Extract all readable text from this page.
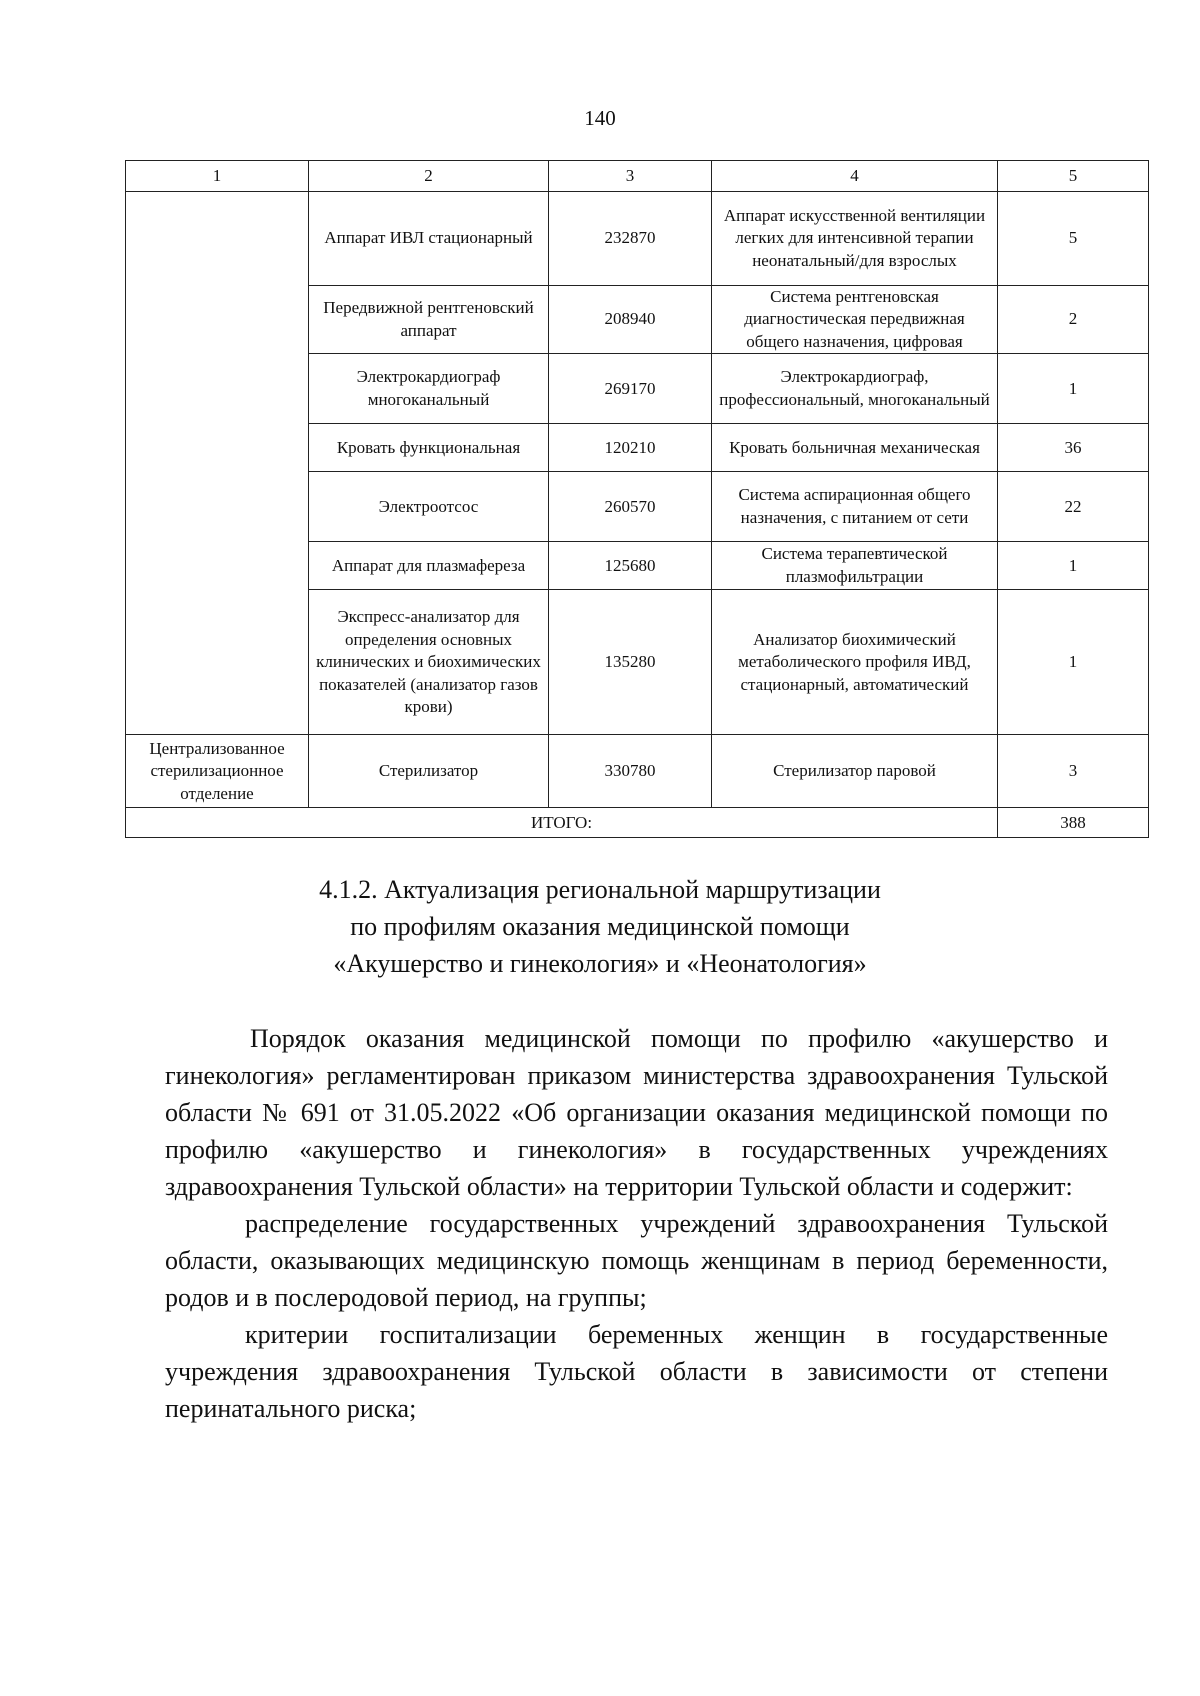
140
1	2	3	4	5
	Аппарат ИВЛ стационарный	232870	Аппарат искусственной вентиляции легких для интенсивной терапии неонатальный/для взрослых	5
	Передвижной рентгеновский аппарат	208940	Система рентгеновская диагностическая передвижная общего назначения, цифровая	2
	Электрокардиограф многоканальный	269170	Электрокардиограф, профессиональный, многоканальный	1
	Кровать функциональная	120210	Кровать больничная механическая	36
	Электроотсос	260570	Система аспирационная общего назначения, с питанием от сети	22
	Аппарат для плазмафереза	125680	Система терапевтической плазмофильтрации	1
	Экспресс-анализатор для определения основных клинических и биохимических показателей (анализатор газов крови)	135280	Анализатор биохимический метаболического профиля ИВД, стационарный, автоматический	1
Централизованное стерилизационное отделение	Стерилизатор	330780	Стерилизатор паровой	3
ИТОГО:				388
4.1.2. Актуализация региональной маршрутизации
по профилям оказания медицинской помощи
«Акушерство и гинекология» и «Неонатология»

Порядок оказания медицинской помощи по профилю «акушерство и гинекология» регламентирован приказом министерства здравоохранения Тульской области № 691 от 31.05.2022 «Об организации оказания медицинской помощи по профилю «акушерство и гинекология» в государственных учреждениях здравоохранения Тульской области» на территории Тульской области и содержит:

распределение государственных учреждений здравоохранения Тульской области, оказывающих медицинскую помощь женщинам в период беременности, родов и в послеродовой период, на группы;

критерии госпитализации беременных женщин в государственные учреждения здравоохранения Тульской области в зависимости от степени перинатального риска;
